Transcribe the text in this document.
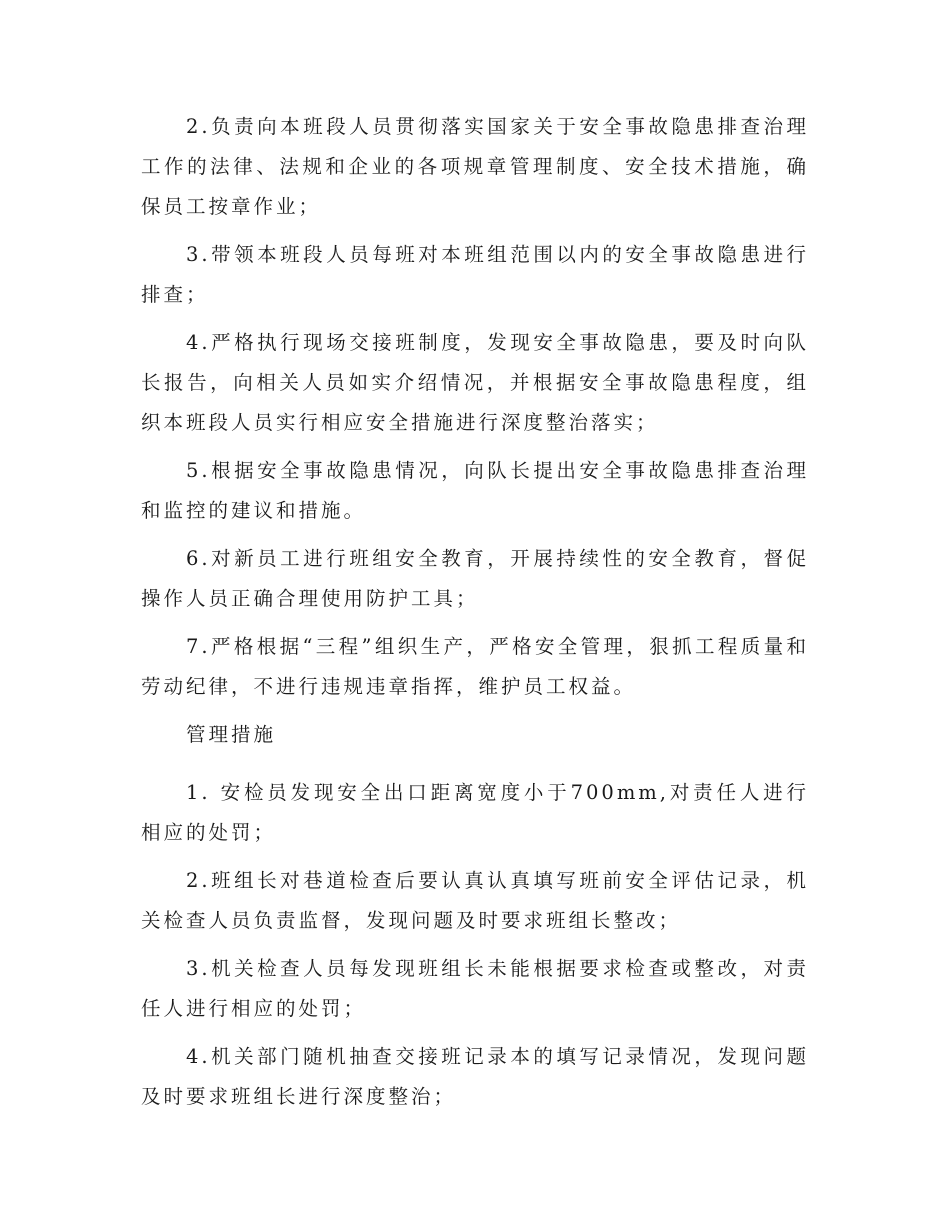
2.负责向本班段人员贯彻落实国家关于安全事故隐患排查治理工作的法律、法规和企业的各项规章管理制度、安全技术措施，确保员工按章作业；

3.带领本班段人员每班对本班组范围以内的安全事故隐患进行排查；

4.严格执行现场交接班制度，发现安全事故隐患，要及时向队长报告，向相关人员如实介绍情况，并根据安全事故隐患程度，组织本班段人员实行相应安全措施进行深度整治落实；

5.根据安全事故隐患情况，向队长提出安全事故隐患排查治理和监控的建议和措施。

6.对新员工进行班组安全教育，开展持续性的安全教育，督促操作人员正确合理使用防护工具；

7.严格根据“三程”组织生产，严格安全管理，狠抓工程质量和劳动纪律，不进行违规违章指挥，维护员工权益。

管理措施

1. 安检员发现安全出口距离宽度小于700mm,对责任人进行相应的处罚；

2.班组长对巷道检查后要认真认真填写班前安全评估记录，机关检查人员负责监督，发现问题及时要求班组长整改；

3.机关检查人员每发现班组长未能根据要求检查或整改，对责任人进行相应的处罚；

4.机关部门随机抽查交接班记录本的填写记录情况，发现问题及时要求班组长进行深度整治；
